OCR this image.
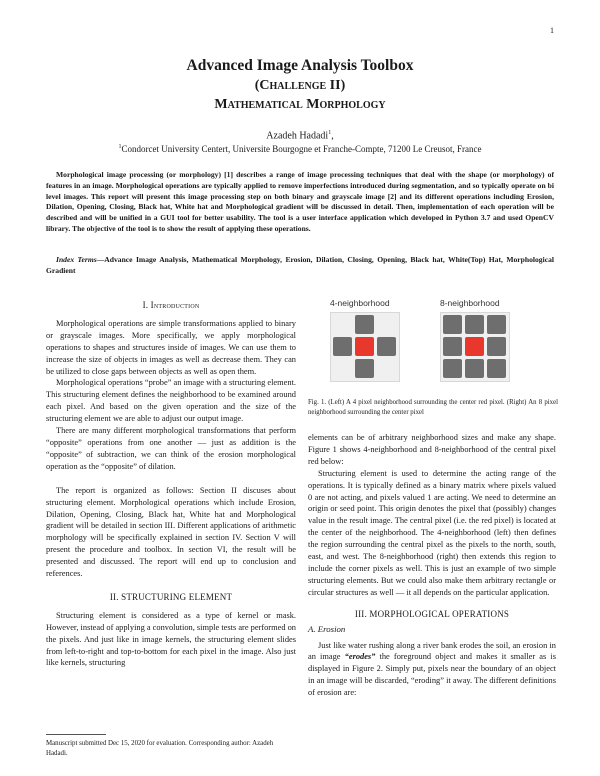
1
Advanced Image Analysis Toolbox
(Challenge II)
Mathematical Morphology
Azadeh Hadadi$^1$,
$^1$Condorcet University Centert, Universite Bourgogne et Franche-Compte, 71200 Le Creusot, France
Morphological image processing (or morphology) [1] describes a range of image processing techniques that deal with the shape (or morphology) of features in an image. Morphological operations are typically applied to remove imperfections introduced during segmentation, and so typically operate on bi level images. This report will present this image processing step on both binary and grayscale image [2] and its different operations including Erosion, Dilation, Opening, Closing, Black hat, White hat and Morphological gradient will be discussed in detail. Then, implementation of each operation will be described and will be unified in a GUI tool for better usability. The tool is a user interface application which developed in Python 3.7 and used OpenCV library. The objective of the tool is to show the result of applying these operations.
Index Terms—Advance Image Analysis, Mathematical Morphology, Erosion, Dilation, Closing, Opening, Black hat, White(Top) Hat, Morphological Gradient
I. Introduction

Morphological operations are simple transformations applied to binary or grayscale images. More specifically, we apply morphological operations to shapes and structures inside of images. We can use them to increase the size of objects in images as well as decrease them. They can be utilized to close gaps between objects as well as open them.

Morphological operations “probe” an image with a structuring element. This structuring element defines the neighborhood to be examined around each pixel. And based on the given operation and the size of the structuring element we are able to adjust our output image.

There are many different morphological transformations that perform “opposite” operations from one another — just as addition is the “opposite” of subtraction, we can think of the erosion morphological operation as the “opposite” of dilation.

The report is organized as follows: Section II discuses about structuring element. Morphological operations which include Erosion, Dilation, Opening, Closing, Black hat, White hat and Morphological gradient will be detailed in section III. Different applications of arithmetic morphology will be specifically explained in section IV. Section V will present the procedure and toolbox. In section VI, the result will be presented and discussed. The report will end up to conclusion and references.

II. STRUCTURING ELEMENT

Structuring element is considered as a type of kernel or mask. However, instead of applying a convolution, simple tests are performed on the pixels. And just like in image kernels, the structuring element slides from left-to-right and top-to-bottom for each pixel in the image. Also just like kernels, structuring

Manuscript submitted Dec 15, 2020 for evaluation. Corresponding author: Azadeh Hadadi.
4-neighborhood	8-neighborhood
Fig. 1. (Left) A 4 pixel neighborhood surrounding the center red pixel. (Right) An 8 pixel neighborhood surrounding the center pixel

elements can be of arbitrary neighborhood sizes and make any shape. Figure 1 shows 4-neighborhood and 8-neighborhood of the central pixel red below:

Structuring element is used to determine the acting range of the operations. It is typically defined as a binary matrix where pixels valued 0 are not acting, and pixels valued 1 are acting. We need to determine an origin or seed point. This origin denotes the pixel that (possibly) changes value in the result image. The central pixel (i.e. the red pixel) is located at the center of the neighborhood. The 4-neighborhood (left) then defines the region surrounding the central pixel as the pixels to the north, south, east, and west. The 8-neighborhood (right) then extends this region to include the corner pixels as well. This is just an example of two simple structuring elements. But we could also make them arbitrary rectangle or circular structures as well — it all depends on the particular application.

III. MORPHOLOGICAL OPERATIONS
A. Erosion

Just like water rushing along a river bank erodes the soil, an erosion in an image “erodes” the foreground object and makes it smaller as is displayed in Figure 2. Simply put, pixels near the boundary of an object in an image will be discarded, “eroding” it away. The different definitions of erosion are:
